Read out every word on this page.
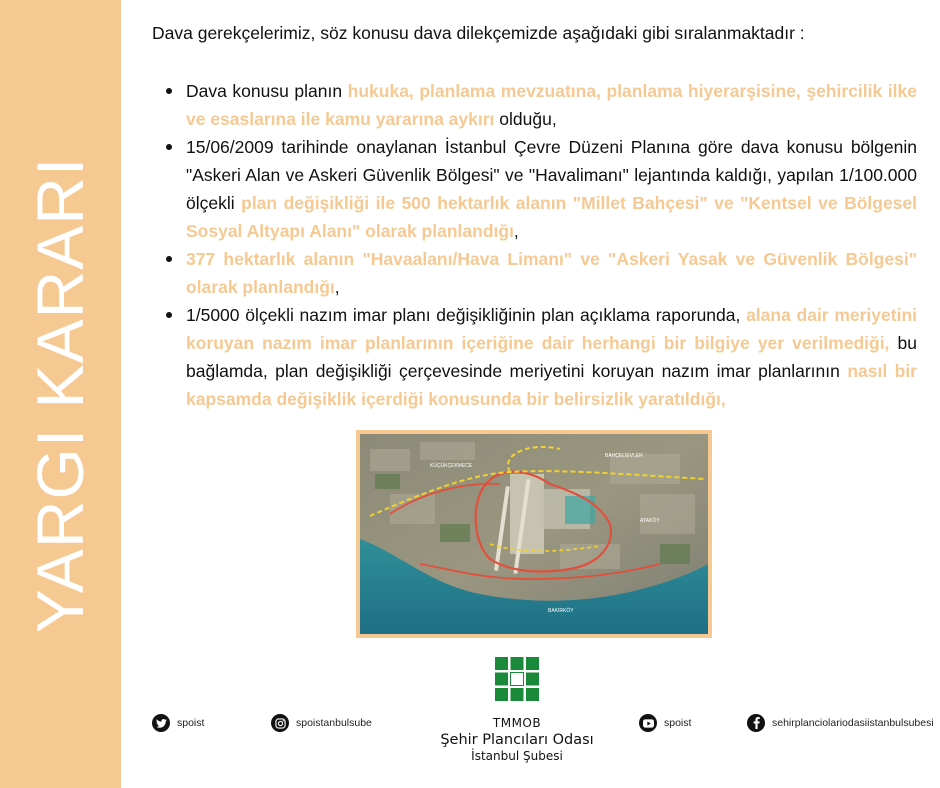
YARGI KARARI
Dava gerekçelerimiz, söz konusu dava dilekçemizde aşağıdaki gibi sıralanmaktadır :
Dava konusu planın hukuka, planlama mevzuatına, planlama hiyerarşisine, şehircilik ilke ve esaslarına ile kamu yararına aykırı olduğu,
15/06/2009 tarihinde onaylanan İstanbul Çevre Düzeni Planına göre dava konusu bölgenin "Askeri Alan ve Askeri Güvenlik Bölgesi" ve "Havalimanı" lejantında kaldığı, yapılan 1/100.000 ölçekli plan değişikliği ile 500 hektarlık alanın "Millet Bahçesi" ve "Kentsel ve Bölgesel Sosyal Altyapı Alanı" olarak planlandığı,
377 hektarlık alanın "Havaalanı/Hava Limanı" ve "Askeri Yasak ve Güvenlik Bölgesi" olarak planlandığı,
1/5000 ölçekli nazım imar planı değişikliğinin plan açıklama raporunda, alana dair meriyetini koruyan nazım imar planlarının içeriğine dair herhangi bir bilgiye yer verilmediği, bu bağlamda, plan değişikliği çerçevesinde meriyetini koruyan nazım imar planlarının nasıl bir kapsamda değişiklik içerdiği konusunda bir belirsizlik yaratıldığı,
KÜÇÜKÇEKMECE
BAHÇELİEVLER
BAKIRKÖY
ATAKÖY
spoist	spoistanbulsube	spoist	sehirplanciolariodasiistanbulsubesi
TMMOB
Şehir Plancıları Odası
İstanbul Şubesi
